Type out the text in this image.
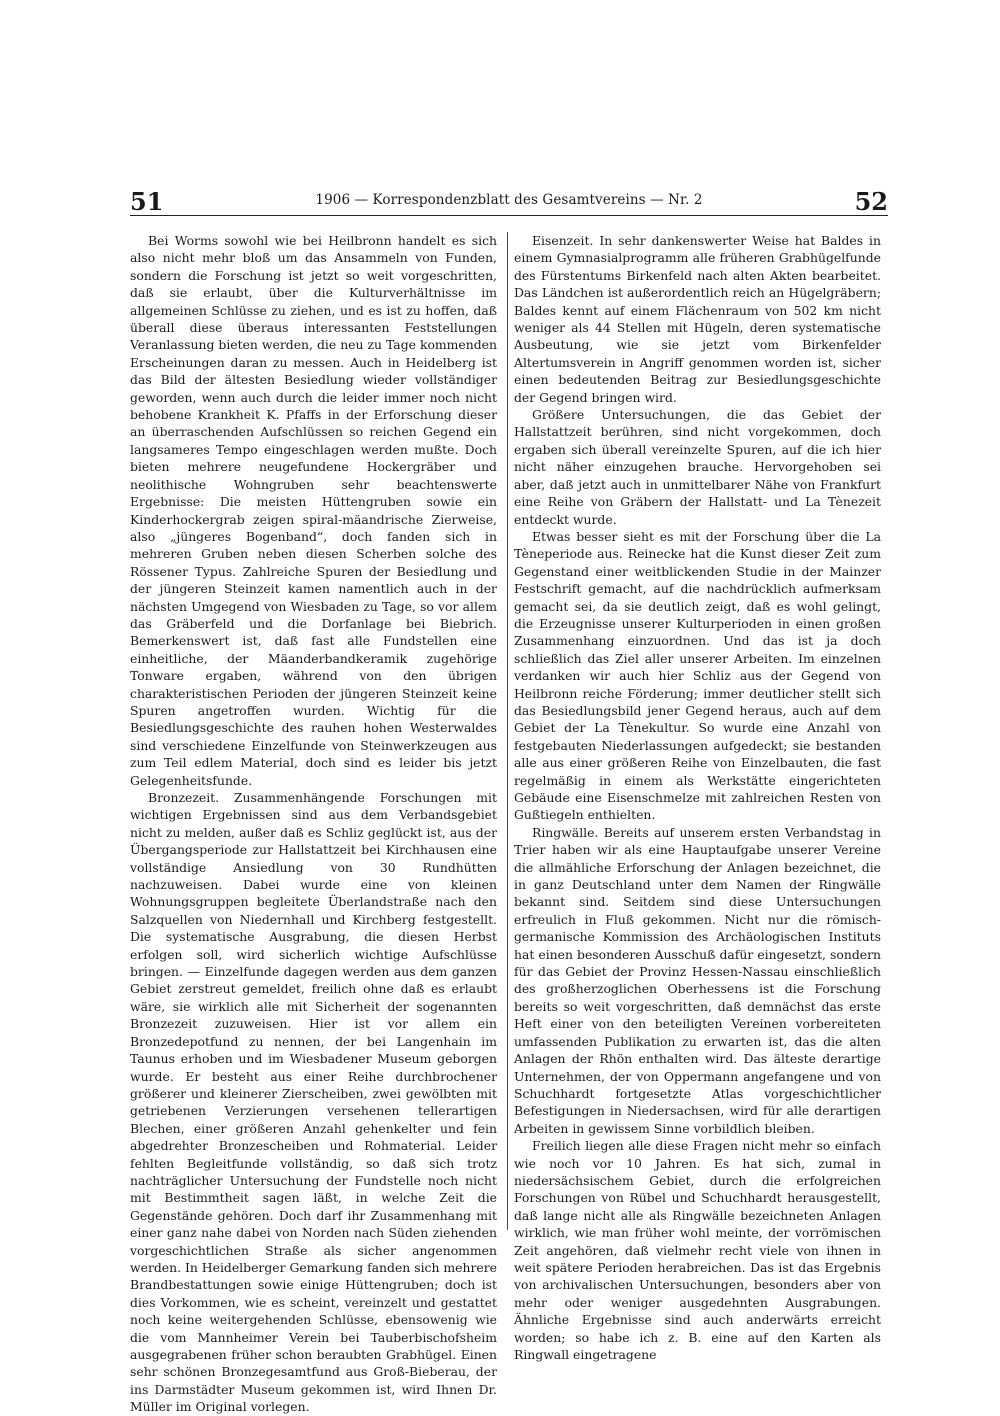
51	1906 — Korrespondenzblatt des Gesamtvereins — Nr. 2	52

Bei Worms sowohl wie bei Heilbronn handelt es sich also nicht mehr bloß um das Ansammeln von Funden, sondern die Forschung ist jetzt so weit vorgeschritten, daß sie erlaubt, über die Kulturverhältnisse im allgemeinen Schlüsse zu ziehen, und es ist zu hoffen, daß überall diese überaus interessanten Feststellungen Veranlassung bieten werden, die neu zu Tage kommenden Erscheinungen daran zu messen. Auch in Heidelberg ist das Bild der ältesten Besiedlung wieder vollständiger geworden, wenn auch durch die leider immer noch nicht behobene Krankheit K. Pfaffs in der Erforschung dieser an überraschenden Aufschlüssen so reichen Gegend ein langsameres Tempo eingeschlagen werden mußte. Doch bieten mehrere neugefundene Hockergräber und neolithische Wohngruben sehr beachtenswerte Ergebnisse: Die meisten Hüttengruben sowie ein Kinderhockergrab zeigen spiral-mäandrische Zierweise, also „jüngeres Bogenband“, doch fanden sich in mehreren Gruben neben diesen Scherben solche des Rössener Typus. Zahlreiche Spuren der Besiedlung und der jüngeren Steinzeit kamen namentlich auch in der nächsten Umgegend von Wiesbaden zu Tage, so vor allem das Gräberfeld und die Dorfanlage bei Biebrich. Bemerkenswert ist, daß fast alle Fundstellen eine einheitliche, der Mäanderbandkeramik zugehörige Tonware ergaben, während von den übrigen charakteristischen Perioden der jüngeren Steinzeit keine Spuren angetroffen wurden. Wichtig für die Besiedlungsgeschichte des rauhen hohen Westerwaldes sind verschiedene Einzelfunde von Steinwerkzeugen aus zum Teil edlem Material, doch sind es leider bis jetzt Gelegenheitsfunde.

Bronzezeit. Zusammenhängende Forschungen mit wichtigen Ergebnissen sind aus dem Verbandsgebiet nicht zu melden, außer daß es Schliz geglückt ist, aus der Übergangsperiode zur Hallstattzeit bei Kirchhausen eine vollständige Ansiedlung von 30 Rundhütten nachzuweisen. Dabei wurde eine von kleinen Wohnungsgruppen begleitete Überlandstraße nach den Salzquellen von Niedernhall und Kirchberg festgestellt. Die systematische Ausgrabung, die diesen Herbst erfolgen soll, wird sicherlich wichtige Aufschlüsse bringen. — Einzelfunde dagegen werden aus dem ganzen Gebiet zerstreut gemeldet, freilich ohne daß es erlaubt wäre, sie wirklich alle mit Sicherheit der sogenannten Bronzezeit zuzuweisen. Hier ist vor allem ein Bronzedepotfund zu nennen, der bei Langenhain im Taunus erhoben und im Wiesbadener Museum geborgen wurde. Er besteht aus einer Reihe durchbrochener größerer und kleinerer Zierscheiben, zwei gewölbten mit getriebenen Verzierungen versehenen tellerartigen Blechen, einer größeren Anzahl gehenkelter und fein abgedrehter Bronzescheiben und Rohmaterial. Leider fehlten Begleitfunde vollständig, so daß sich trotz nachträglicher Untersuchung der Fundstelle noch nicht mit Bestimmtheit sagen läßt, in welche Zeit die Gegenstände gehören. Doch darf ihr Zusammenhang mit einer ganz nahe dabei von Norden nach Süden ziehenden vorgeschichtlichen Straße als sicher angenommen werden. In Heidelberger Gemarkung fanden sich mehrere Brandbestattungen sowie einige Hüttengruben; doch ist dies Vorkommen, wie es scheint, vereinzelt und gestattet noch keine weitergehenden Schlüsse, ebensowenig wie die vom Mannheimer Verein bei Tauberbischofsheim ausgegrabenen früher schon beraubten Grabhügel. Einen sehr schönen Bronzegesamtfund aus Groß-Bieberau, der ins Darmstädter Museum gekommen ist, wird Ihnen Dr. Müller im Original vorlegen.

Eisenzeit. In sehr dankenswerter Weise hat Baldes in einem Gymnasialprogramm alle früheren Grabhügelfunde des Fürstentums Birkenfeld nach alten Akten bearbeitet. Das Ländchen ist außerordentlich reich an Hügelgräbern; Baldes kennt auf einem Flächenraum von 502 km nicht weniger als 44 Stellen mit Hügeln, deren systematische Ausbeutung, wie sie jetzt vom Birkenfelder Altertumsverein in Angriff genommen worden ist, sicher einen bedeutenden Beitrag zur Besiedlungsgeschichte der Gegend bringen wird.

Größere Untersuchungen, die das Gebiet der Hallstattzeit berühren, sind nicht vorgekommen, doch ergaben sich überall vereinzelte Spuren, auf die ich hier nicht näher einzugehen brauche. Hervorgehoben sei aber, daß jetzt auch in unmittelbarer Nähe von Frankfurt eine Reihe von Gräbern der Hallstatt- und La Tènezeit entdeckt wurde.

Etwas besser sieht es mit der Forschung über die La Tèneperiode aus. Reinecke hat die Kunst dieser Zeit zum Gegenstand einer weitblickenden Studie in der Mainzer Festschrift gemacht, auf die nachdrücklich aufmerksam gemacht sei, da sie deutlich zeigt, daß es wohl gelingt, die Erzeugnisse unserer Kulturperioden in einen großen Zusammenhang einzuordnen. Und das ist ja doch schließlich das Ziel aller unserer Arbeiten. Im einzelnen verdanken wir auch hier Schliz aus der Gegend von Heilbronn reiche Förderung; immer deutlicher stellt sich das Besiedlungsbild jener Gegend heraus, auch auf dem Gebiet der La Tènekultur. So wurde eine Anzahl von festgebauten Niederlassungen aufgedeckt; sie bestanden alle aus einer größeren Reihe von Einzelbauten, die fast regelmäßig in einem als Werkstätte eingerichteten Gebäude eine Eisenschmelze mit zahlreichen Resten von Gußtiegeln enthielten.

Ringwälle. Bereits auf unserem ersten Verbandstag in Trier haben wir als eine Hauptaufgabe unserer Vereine die allmähliche Erforschung der Anlagen bezeichnet, die in ganz Deutschland unter dem Namen der Ringwälle bekannt sind. Seitdem sind diese Untersuchungen erfreulich in Fluß gekommen. Nicht nur die römisch-germanische Kommission des Archäologischen Instituts hat einen besonderen Ausschuß dafür eingesetzt, sondern für das Gebiet der Provinz Hessen-Nassau einschließlich des großherzoglichen Oberhessens ist die Forschung bereits so weit vorgeschritten, daß demnächst das erste Heft einer von den beteiligten Vereinen vorbereiteten umfassenden Publikation zu erwarten ist, das die alten Anlagen der Rhön enthalten wird. Das älteste derartige Unternehmen, der von Oppermann angefangene und von Schuchhardt fortgesetzte Atlas vorgeschichtlicher Befestigungen in Niedersachsen, wird für alle derartigen Arbeiten in gewissem Sinne vorbildlich bleiben.

Freilich liegen alle diese Fragen nicht mehr so einfach wie noch vor 10 Jahren. Es hat sich, zumal in niedersächsischem Gebiet, durch die erfolgreichen Forschungen von Rübel und Schuchhardt herausgestellt, daß lange nicht alle als Ringwälle bezeichneten Anlagen wirklich, wie man früher wohl meinte, der vorrömischen Zeit angehören, daß vielmehr recht viele von ihnen in weit spätere Perioden herabreichen. Das ist das Ergebnis von archivalischen Untersuchungen, besonders aber von mehr oder weniger ausgedehnten Ausgrabungen. Ähnliche Ergebnisse sind auch anderwärts erreicht worden; so habe ich z. B. eine auf den Karten als Ringwall eingetragene
